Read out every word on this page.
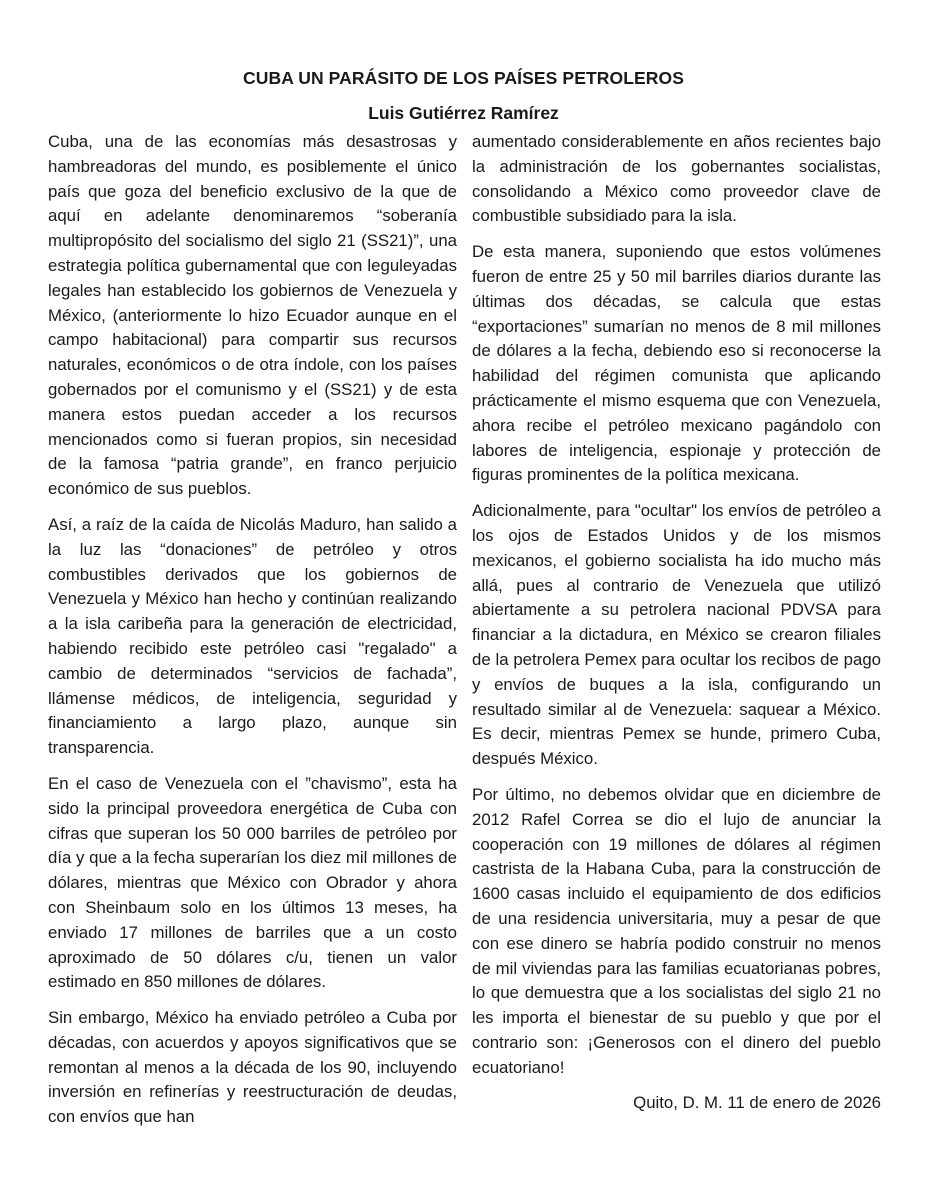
CUBA UN PARÁSITO DE LOS PAÍSES PETROLEROS
Luis Gutiérrez Ramírez

Cuba, una de las economías más desastrosas y hambreadoras del mundo, es posiblemente el único país que goza del beneficio exclusivo de la que de aquí en adelante denominaremos “soberanía multipropósito del socialismo del siglo 21 (SS21)”, una estrategia política gubernamental que con leguleyadas legales han establecido los gobiernos de Venezuela y México, (anteriormente lo hizo Ecuador aunque en el campo habitacional) para compartir sus recursos naturales, económicos o de otra índole, con los países gobernados por el comunismo y el (SS21) y de esta manera estos puedan acceder a los recursos mencionados como si fueran propios, sin necesidad de la famosa “patria grande”, en franco perjuicio económico de sus pueblos.

Así, a raíz de la caída de Nicolás Maduro, han salido a la luz las “donaciones” de petróleo y otros combustibles derivados que los gobiernos de Venezuela y México han hecho y continúan realizando a la isla caribeña para la generación de electricidad, habiendo recibido este petróleo casi "regalado" a cambio de determinados “servicios de fachada”, llámense médicos, de inteligencia, seguridad y financiamiento a largo plazo, aunque sin transparencia.

En el caso de Venezuela con el ”chavismo”, esta ha sido la principal proveedora energética de Cuba con cifras que superan los 50 000 barriles de petróleo por día y que a la fecha superarían los diez mil millones de dólares, mientras que México con Obrador y ahora con Sheinbaum solo en los últimos 13 meses, ha enviado 17 millones de barriles que a un costo aproximado de 50 dólares c/u, tienen un valor estimado en 850 millones de dólares.

Sin embargo, México ha enviado petróleo a Cuba por décadas, con acuerdos y apoyos significativos que se remontan al menos a la década de los 90, incluyendo inversión en refinerías y reestructuración de deudas, con envíos que han

aumentado considerablemente en años recientes bajo la administración de los gobernantes socialistas, consolidando a México como proveedor clave de combustible subsidiado para la isla.

De esta manera, suponiendo que estos volúmenes fueron de entre 25 y 50 mil barriles diarios durante las últimas dos décadas, se calcula que estas “exportaciones” sumarían no menos de 8 mil millones de dólares a la fecha, debiendo eso si reconocerse la habilidad del régimen comunista que aplicando prácticamente el mismo esquema que con Venezuela, ahora recibe el petróleo mexicano pagándolo con labores de inteligencia, espionaje y protección de figuras prominentes de la política mexicana.

Adicionalmente, para "ocultar" los envíos de petróleo a los ojos de Estados Unidos y de los mismos mexicanos, el gobierno socialista ha ido mucho más allá, pues al contrario de Venezuela que utilizó abiertamente a su petrolera nacional PDVSA para financiar a la dictadura, en México se crearon filiales de la petrolera Pemex para ocultar los recibos de pago y envíos de buques a la isla, configurando un resultado similar al de Venezuela: saquear a México. Es decir, mientras Pemex se hunde, primero Cuba, después México.

Por último, no debemos olvidar que en diciembre de 2012 Rafel Correa se dio el lujo de anunciar la cooperación con 19 millones de dólares al régimen castrista de la Habana Cuba, para la construcción de 1600 casas incluido el equipamiento de dos edificios de una residencia universitaria, muy a pesar de que con ese dinero se habría podido construir no menos de mil viviendas para las familias ecuatorianas pobres, lo que demuestra que a los socialistas del siglo 21 no les importa el bienestar de su pueblo y que por el contrario son: ¡Generosos con el dinero del pueblo ecuatoriano!

Quito, D. M. 11 de enero de 2026
